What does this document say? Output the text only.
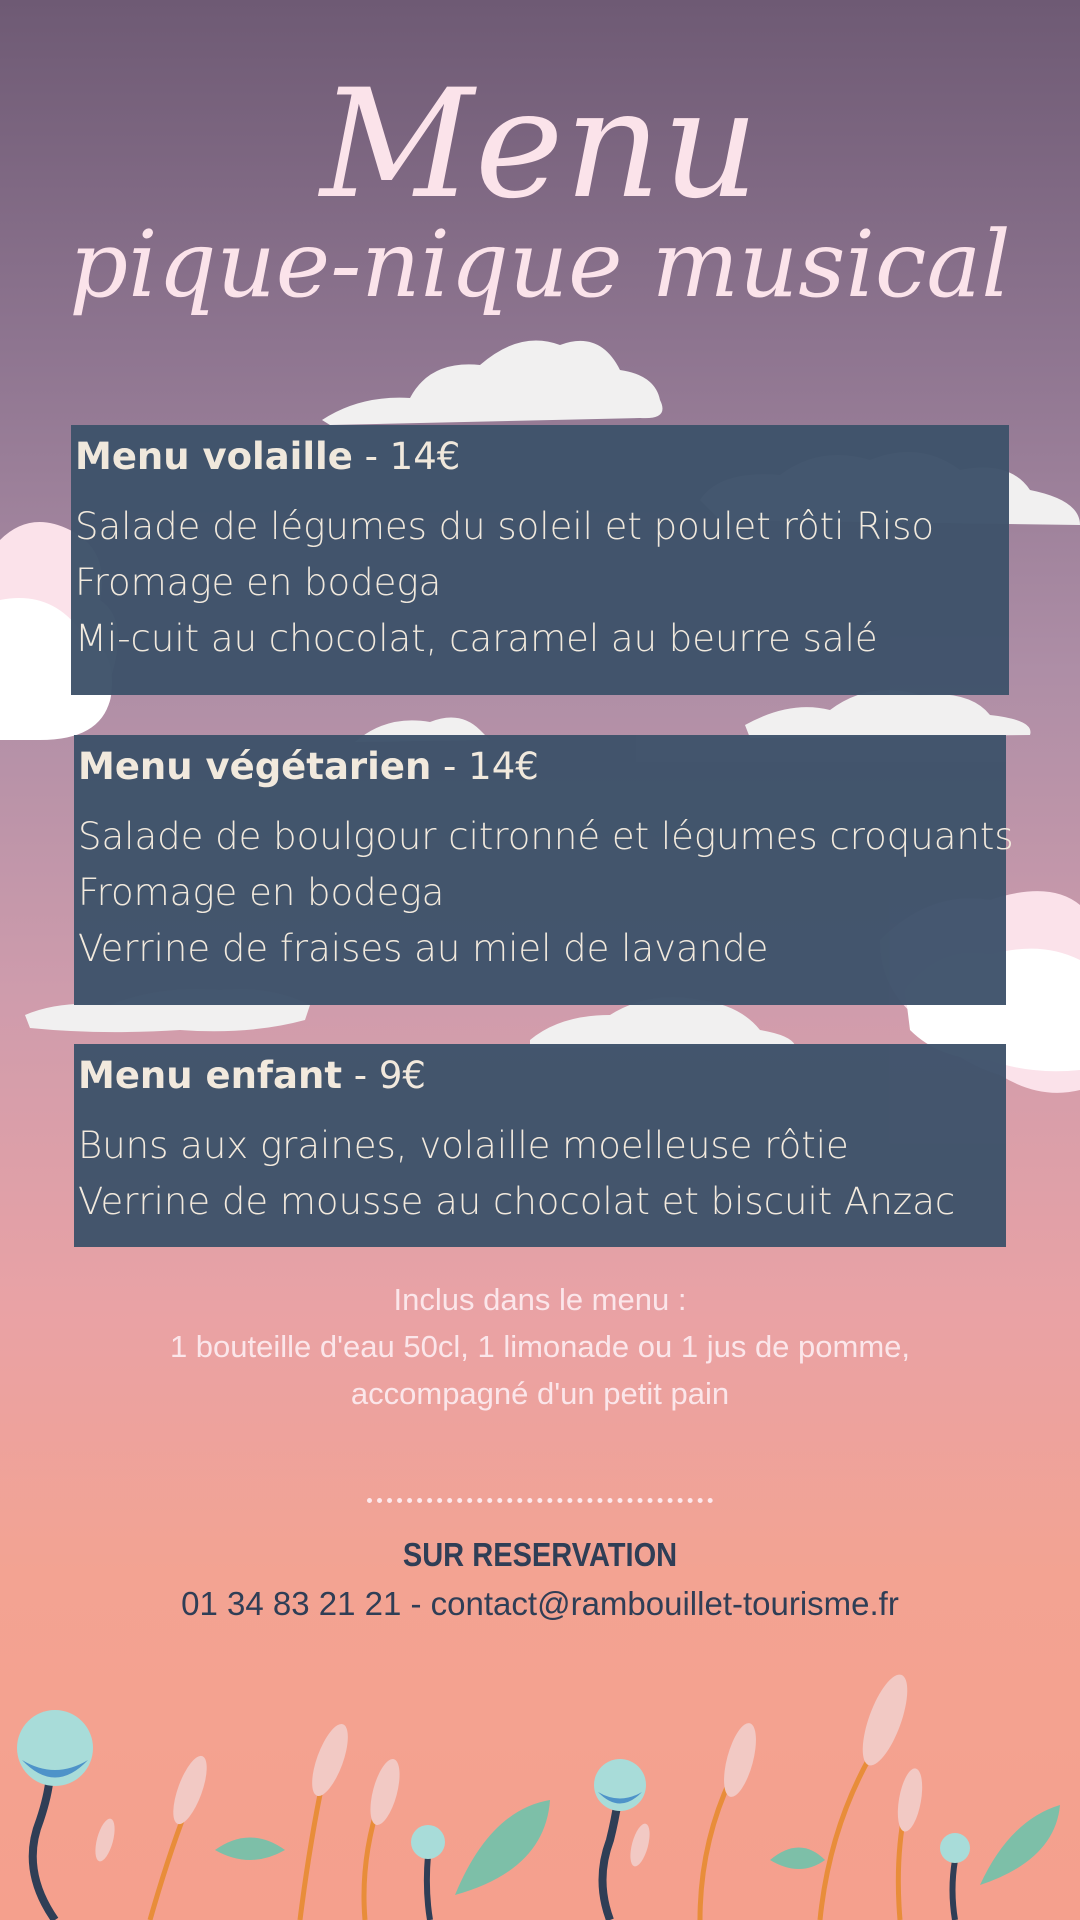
Menu
pique-nique musical
Menu volaille - 14€
Salade de légumes du soleil et poulet rôti Riso
Fromage en bodega
Mi-cuit au chocolat, caramel au beurre salé
Menu végétarien - 14€
Salade de boulgour citronné et légumes croquants
Fromage en bodega
Verrine de fraises au miel de lavande
Menu enfant - 9€
Buns aux graines, volaille moelleuse rôtie
Verrine de mousse au chocolat et biscuit Anzac
Inclus dans le menu :
1 bouteille d'eau 50cl, 1 limonade ou 1 jus de pomme,
accompagné d'un petit pain
SUR RESERVATION
01 34 83 21 21 - contact@rambouillet-tourisme.fr
